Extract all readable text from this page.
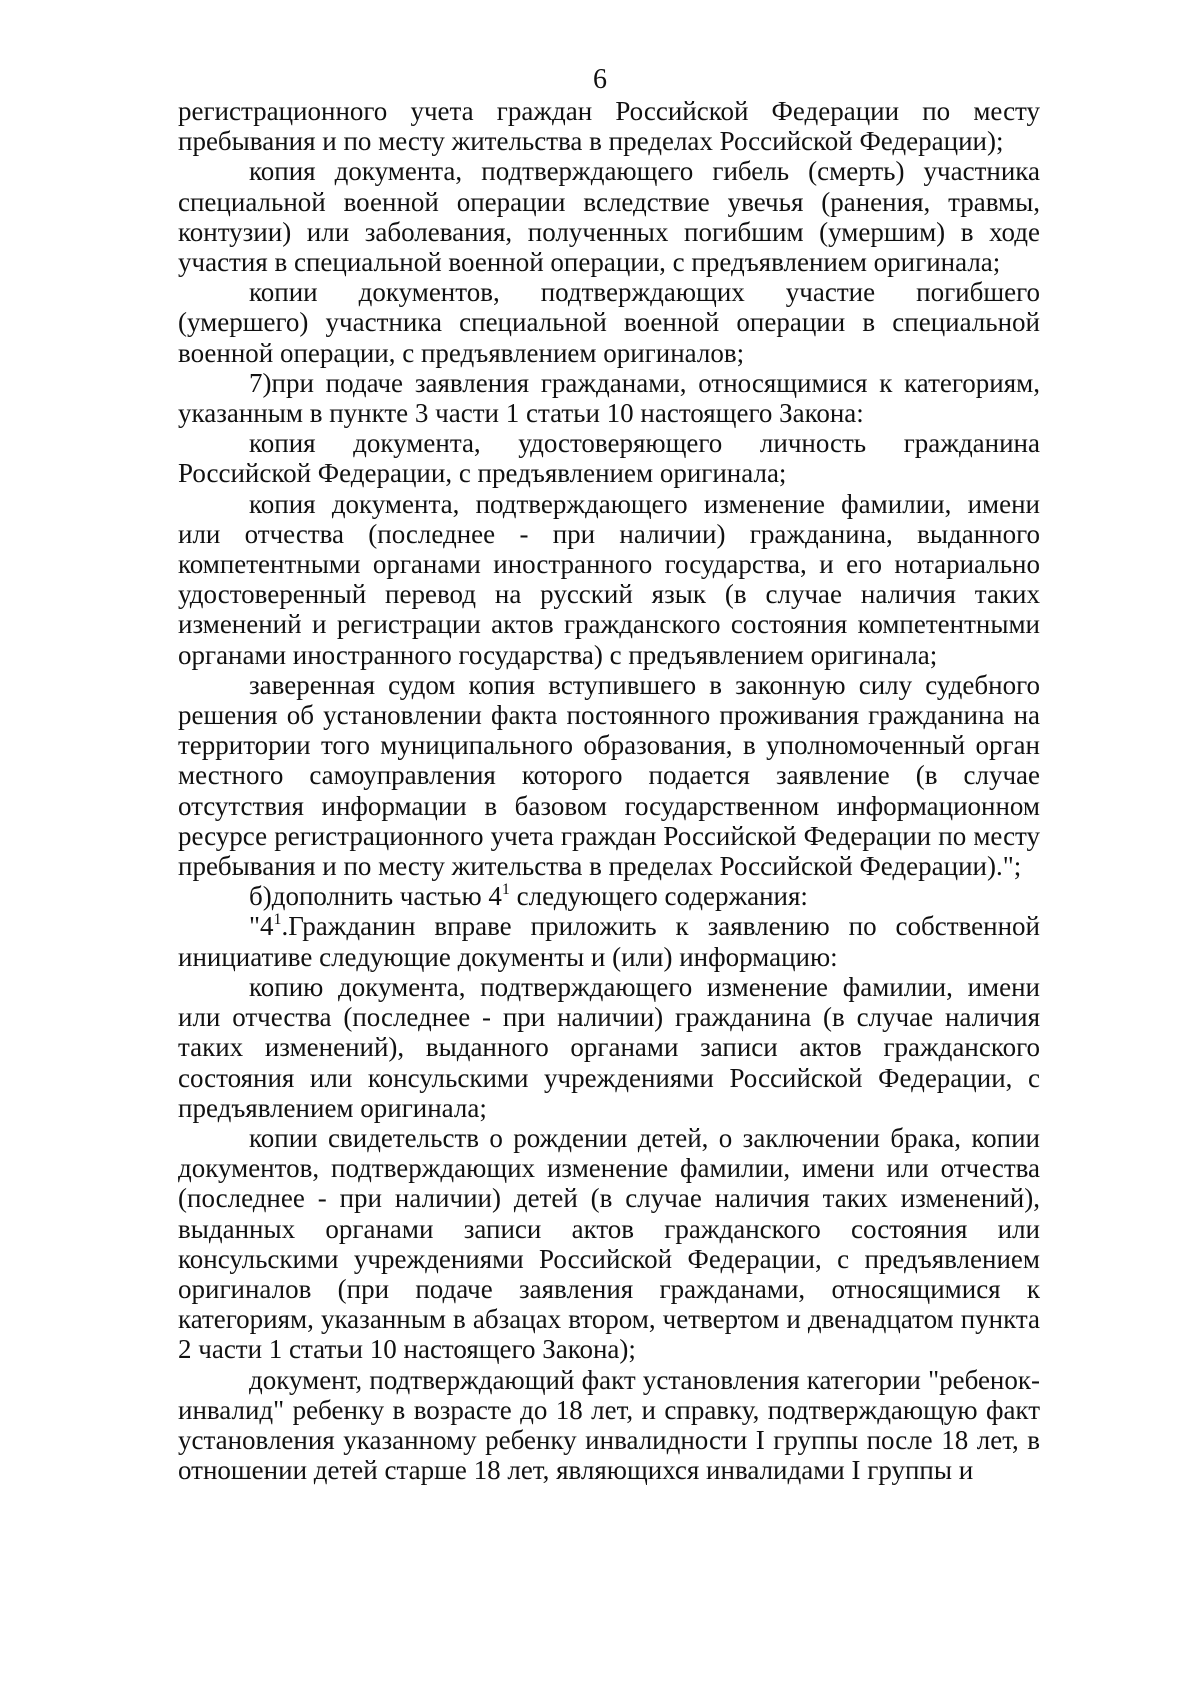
6

регистрационного учета граждан Российской Федерации по месту пребывания и по месту жительства в пределах Российской Федерации);

копия документа, подтверждающего гибель (смерть) участника специальной военной операции вследствие увечья (ранения, травмы, контузии) или заболевания, полученных погибшим (умершим) в ходе участия в специальной военной операции, с предъявлением оригинала;

копии документов, подтверждающих участие погибшего (умершего) участника специальной военной операции в специальной военной операции, с предъявлением оригиналов;

7)при подаче заявления гражданами, относящимися к категориям, указанным в пункте 3 части 1 статьи 10 настоящего Закона:

копия документа, удостоверяющего личность гражданина Российской Федерации, с предъявлением оригинала;

копия документа, подтверждающего изменение фамилии, имени или отчества (последнее - при наличии) гражданина, выданного компетентными органами иностранного государства, и его нотариально удостоверенный перевод на русский язык (в случае наличия таких изменений и регистрации актов гражданского состояния компетентными органами иностранного государства) с предъявлением оригинала;

заверенная судом копия вступившего в законную силу судебного решения об установлении факта постоянного проживания гражданина на территории того муниципального образования, в уполномоченный орган местного самоуправления которого подается заявление (в случае отсутствия информации в базовом государственном информационном ресурсе регистрационного учета граждан Российской Федерации по месту пребывания и по месту жительства в пределах Российской Федерации).";

б)дополнить частью $4^1$ следующего содержания:

"$4^1.Гражданин$ вправе приложить к заявлению по собственной инициативе следующие документы и (или) информацию:

копию документа, подтверждающего изменение фамилии, имени или отчества (последнее - при наличии) гражданина (в случае наличия таких изменений), выданного органами записи актов гражданского состояния или консульскими учреждениями Российской Федерации, с предъявлением оригинала;

копии свидетельств о рождении детей, о заключении брака, копии документов, подтверждающих изменение фамилии, имени или отчества (последнее - при наличии) детей (в случае наличия таких изменений), выданных органами записи актов гражданского состояния или консульскими учреждениями Российской Федерации, с предъявлением оригиналов (при подаче заявления гражданами, относящимися к категориям, указанным в абзацах втором, четвертом и двенадцатом пункта 2 части 1 статьи 10 настоящего Закона);

документ, подтверждающий факт установления категории "ребенок-инвалид" ребенку в возрасте до 18 лет, и справку, подтверждающую факт установления указанному ребенку инвалидности I группы после 18 лет, в отношении детей старше 18 лет, являющихся инвалидами I группы и
